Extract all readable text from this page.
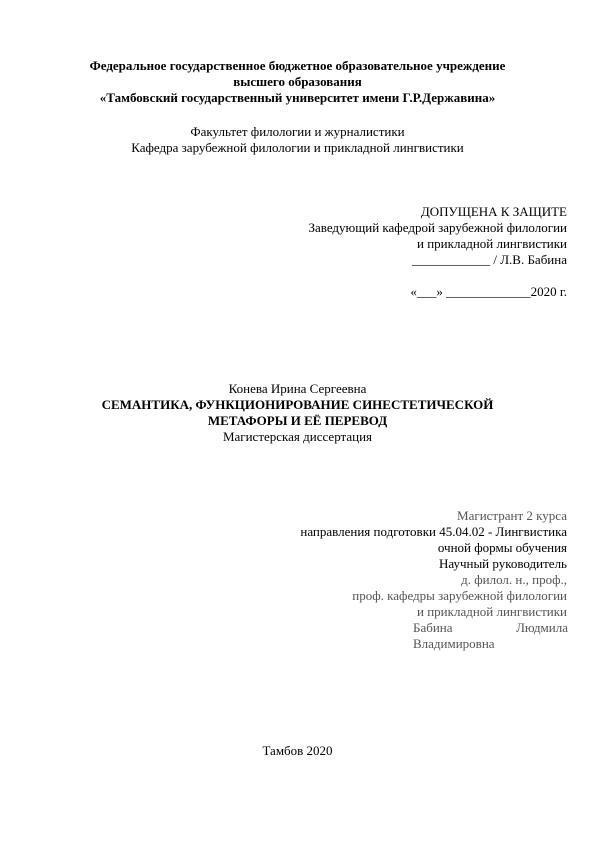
Федеральное государственное бюджетное образовательное учреждение
высшего образования
«Тамбовский государственный университет имени Г.Р.Державина»
Факультет филологии и журналистики
Кафедра зарубежной филологии и прикладной лингвистики
ДОПУЩЕНА К ЗАЩИТЕ
Заведующий кафедрой зарубежной филологии
и прикладной лингвистики
____________ / Л.В. Бабина
«___» _____________2020 г.
Конева Ирина Сергеевна
СЕМАНТИКА, ФУНКЦИОНИРОВАНИЕ СИНЕСТЕТИЧЕСКОЙ
МЕТАФОРЫ И ЕЁ ПЕРЕВОД
Магистерская диссертация
Магистрант 2 курса
направления подготовки 45.04.02 - Лингвистика
очной формы обучения
Научный руководитель
д. филол. н., проф.,
проф. кафедры зарубежной филологии
и прикладной лингвистики
Бабина	Людмила
Владимировна
Тамбов 2020
